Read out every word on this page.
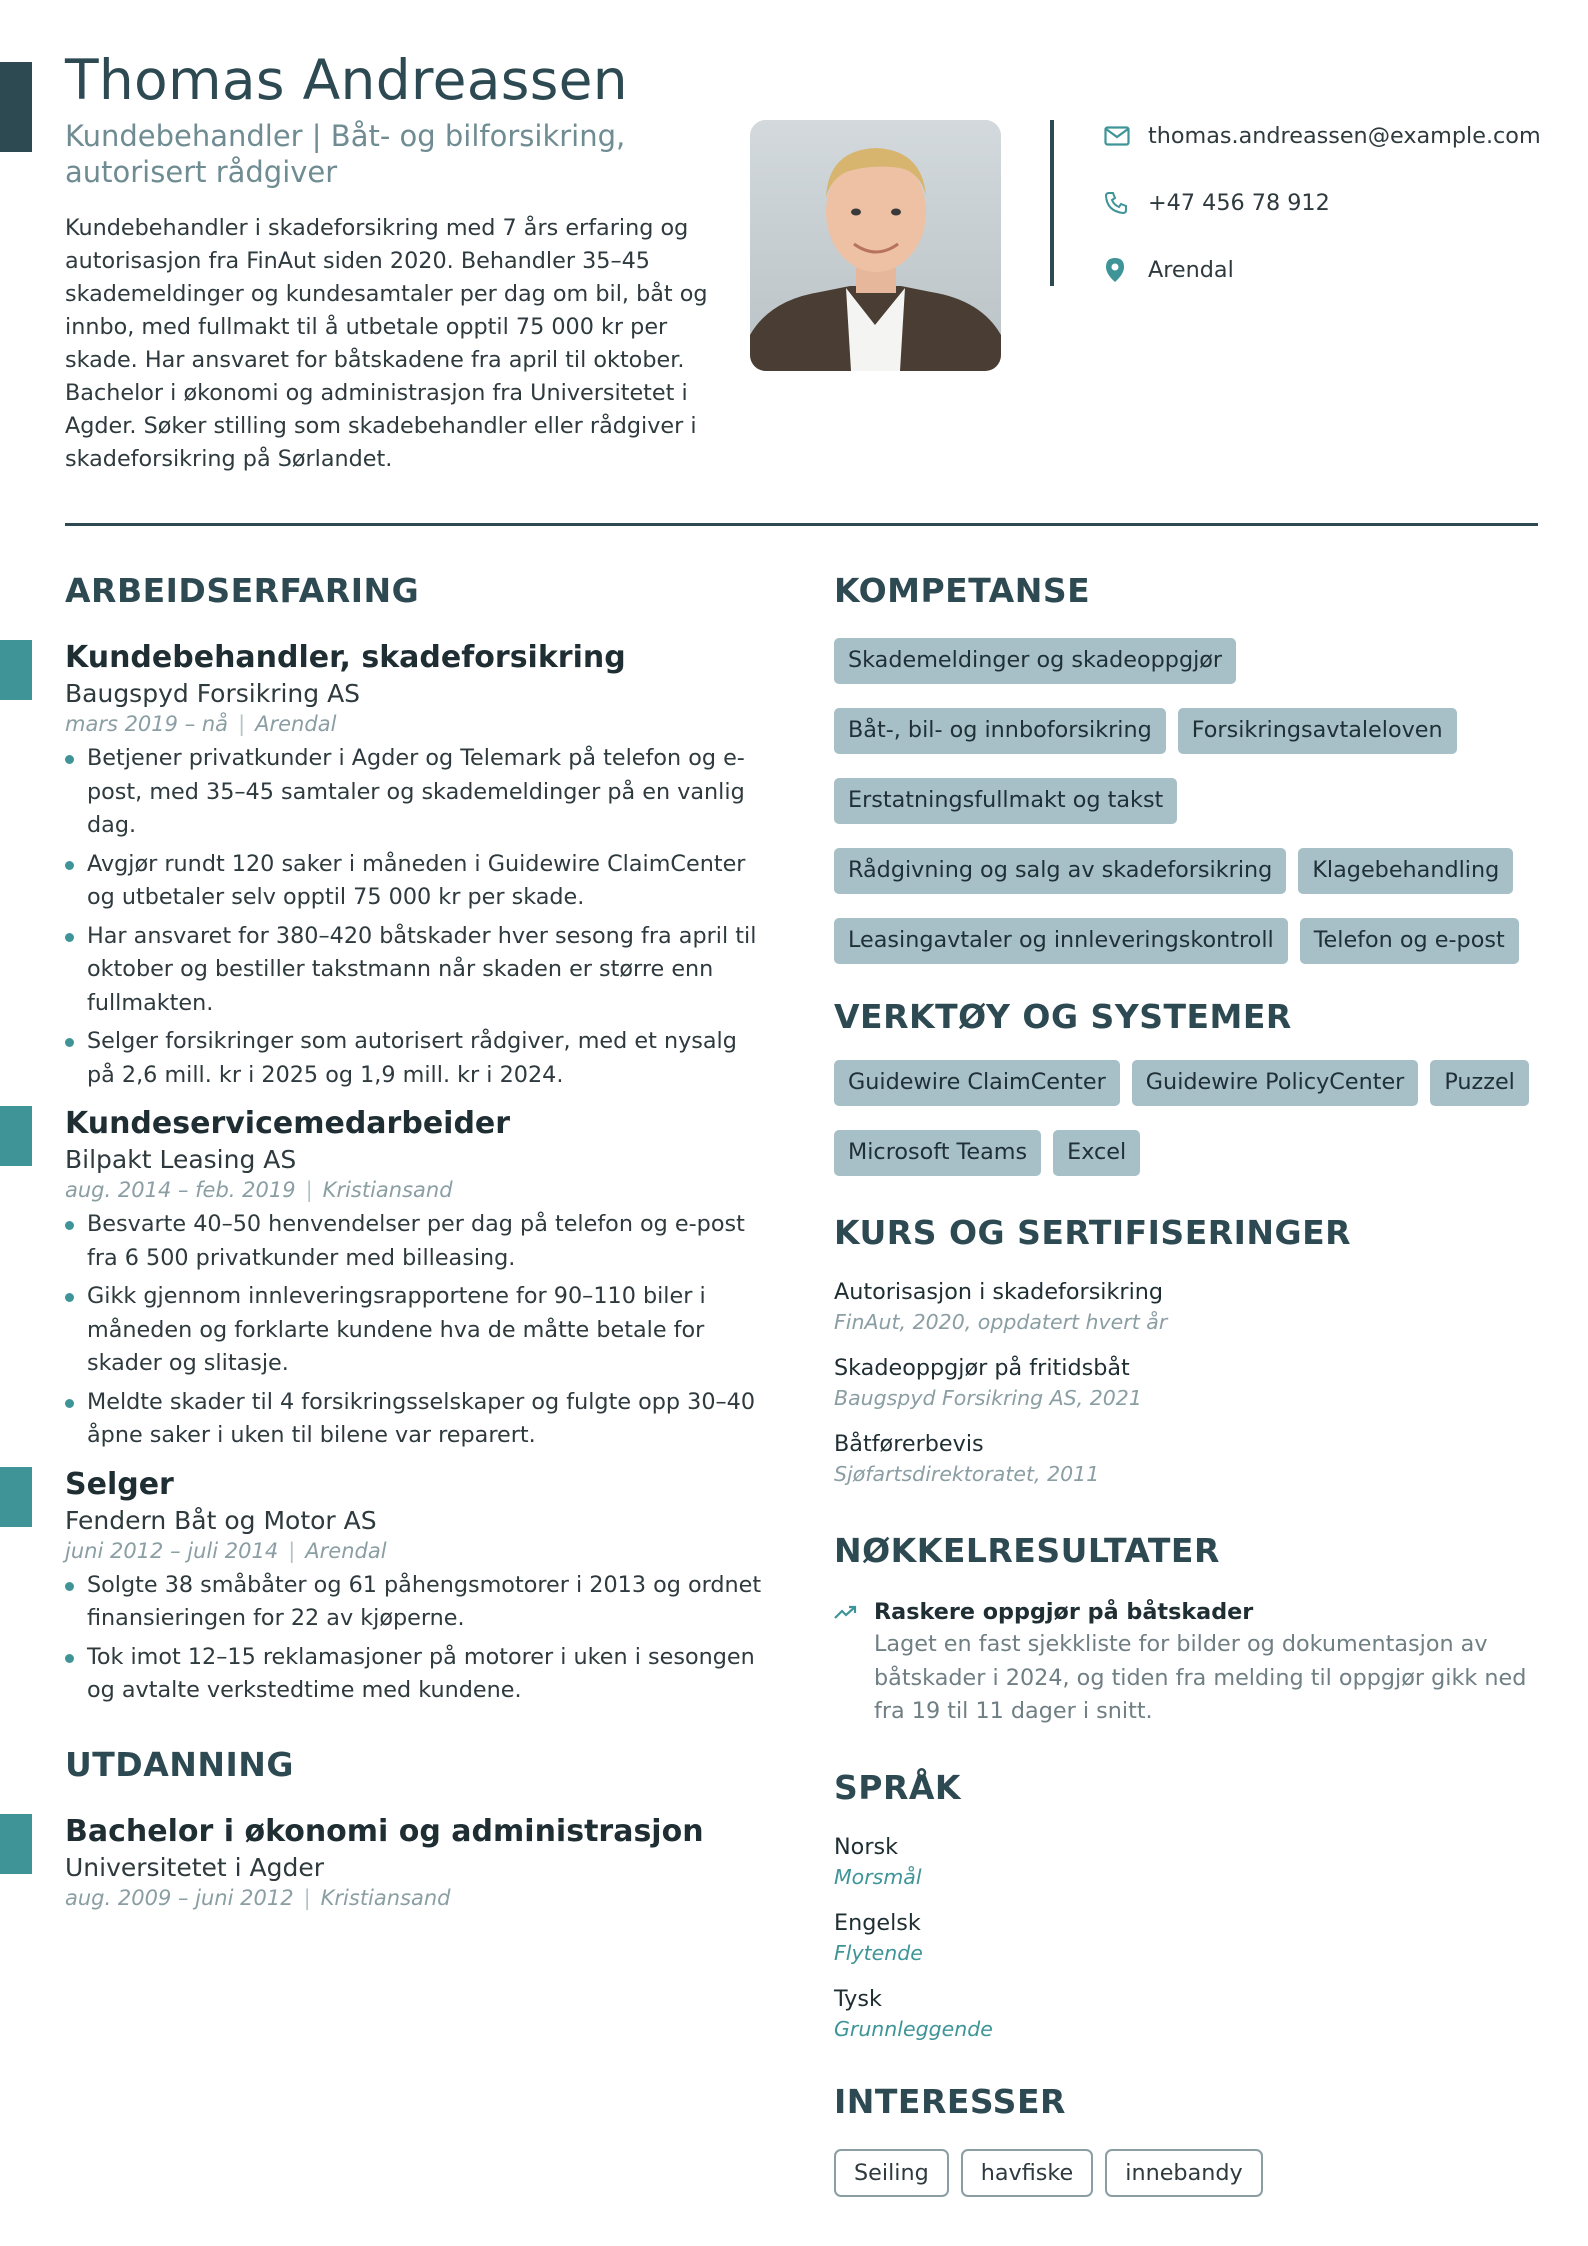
Thomas Andreassen
Kundebehandler | Båt- og bilforsikring, autorisert rådgiver

Kundebehandler i skadeforsikring med 7 års erfaring og autorisasjon fra FinAut siden 2020. Behandler 35–45 skademeldinger og kundesamtaler per dag om bil, båt og innbo, med fullmakt til å utbetale opptil 75 000 kr per skade. Har ansvaret for båtskadene fra april til oktober. Bachelor i økonomi og administrasjon fra Universitetet i Agder. Søker stilling som skadebehandler eller rådgiver i skadeforsikring på Sørlandet.

thomas.andreassen@example.com
+47 456 78 912
Arendal
ARBEIDSERFARING
Kundebehandler, skadeforsikring
Baugspyd Forsikring AS
mars 2019 – nå | Arendal
Betjener privatkunder i Agder og Telemark på telefon og e-post, med 35–45 samtaler og skademeldinger på en vanlig dag.
Avgjør rundt 120 saker i måneden i Guidewire ClaimCenter og utbetaler selv opptil 75 000 kr per skade.
Har ansvaret for 380–420 båtskader hver sesong fra april til oktober og bestiller takstmann når skaden er større enn fullmakten.
Selger forsikringer som autorisert rådgiver, med et nysalg på 2,6 mill. kr i 2025 og 1,9 mill. kr i 2024.
Kundeservicemedarbeider
Bilpakt Leasing AS
aug. 2014 – feb. 2019 | Kristiansand
Besvarte 40–50 henvendelser per dag på telefon og e-post fra 6 500 privatkunder med billeasing.
Gikk gjennom innleveringsrapportene for 90–110 biler i måneden og forklarte kundene hva de måtte betale for skader og slitasje.
Meldte skader til 4 forsikringsselskaper og fulgte opp 30–40 åpne saker i uken til bilene var reparert.
Selger
Fendern Båt og Motor AS
juni 2012 – juli 2014 | Arendal
Solgte 38 småbåter og 61 påhengsmotorer i 2013 og ordnet finansieringen for 22 av kjøperne.
Tok imot 12–15 reklamasjoner på motorer i uken i sesongen og avtalte verkstedtime med kundene.
UTDANNING
Bachelor i økonomi og administrasjon
Universitetet i Agder
aug. 2009 – juni 2012 | Kristiansand
KOMPETANSE
Skademeldinger og skadeoppgjør
Båt-, bil- og innboforsikring	Forsikringsavtaleloven
Erstatningsfullmakt og takst
Rådgivning og salg av skadeforsikring	Klagebehandling
Leasingavtaler og innleveringskontroll	Telefon og e-post
VERKTØY OG SYSTEMER
Guidewire ClaimCenter	Guidewire PolicyCenter	Puzzel
Microsoft Teams	Excel
KURS OG SERTIFISERINGER
Autorisasjon i skadeforsikring
FinAut, 2020, oppdatert hvert år
Skadeoppgjør på fritidsbåt
Baugspyd Forsikring AS, 2021
Båtførerbevis
Sjøfartsdirektoratet, 2011
NØKKELRESULTATER
Raskere oppgjør på båtskader
Laget en fast sjekkliste for bilder og dokumentasjon av båtskader i 2024, og tiden fra melding til oppgjør gikk ned fra 19 til 11 dager i snitt.
SPRÅK
Norsk
Morsmål
Engelsk
Flytende
Tysk
Grunnleggende
INTERESSER
Seiling	havfiske	innebandy
